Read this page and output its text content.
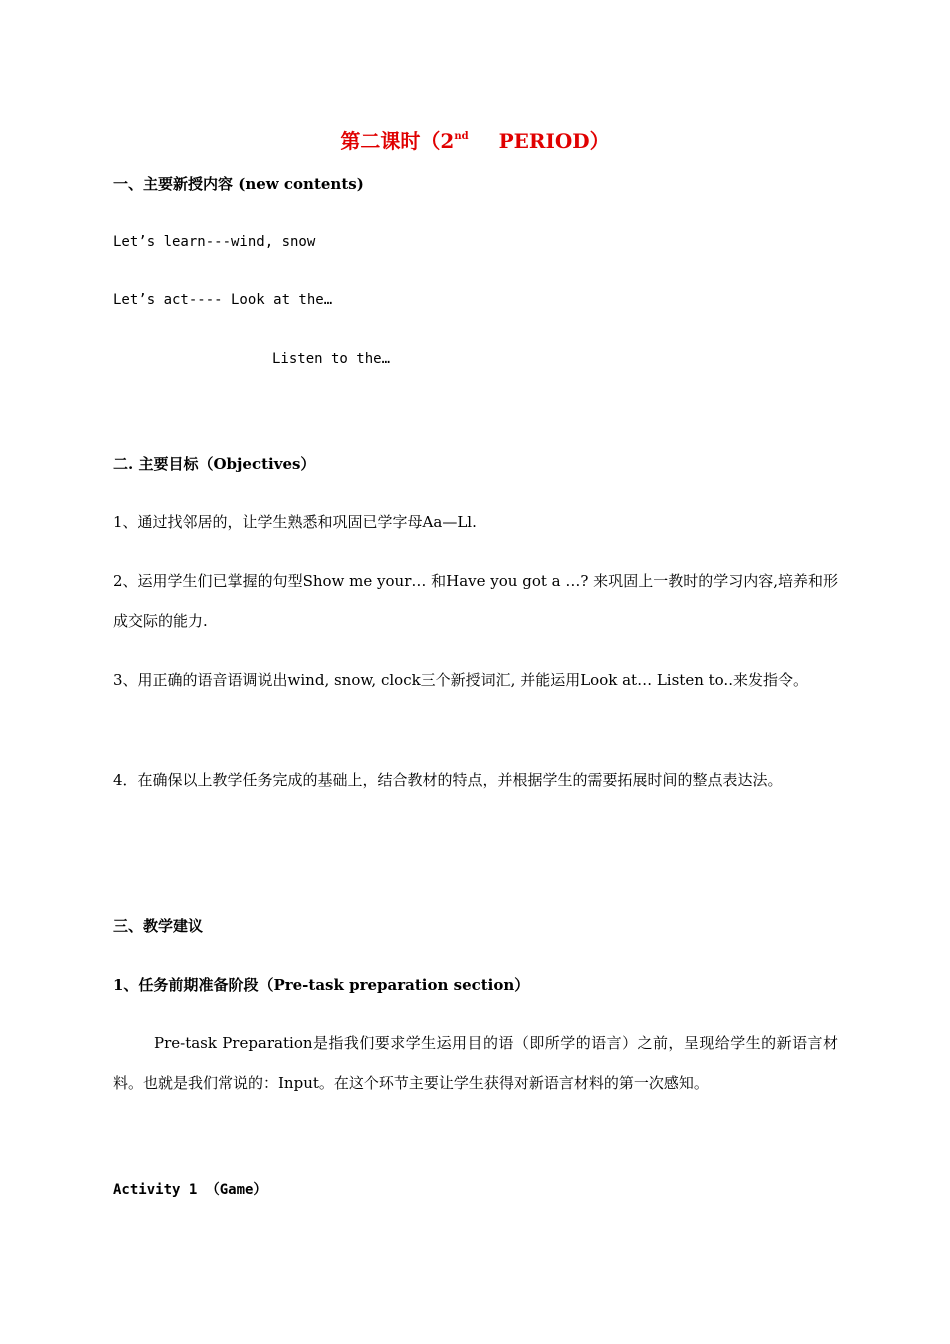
第二课时（2nd PERIOD）
一、主要新授内容 (new contents)
Let’s learn---wind, snow
Let’s act---- Look at the…
Listen to the…
二. 主要目标（Objectives）
1、通过找邻居的，让学生熟悉和巩固已学字母Aa—Ll.
2、运用学生们已掌握的句型Show me your… 和Have you got a …? 来巩固上一教时的学习内容,培养和形成交际的能力.
3、用正确的语音语调说出wind, snow, clock三个新授词汇, 并能运用Look at… Listen to..来发指令。
4．在确保以上教学任务完成的基础上，结合教材的特点，并根据学生的需要拓展时间的整点表达法。
三、教学建议
1、任务前期准备阶段（Pre-task preparation section）
Pre-task Preparation是指我们要求学生运用目的语（即所学的语言）之前，呈现给学生的新语言材料。也就是我们常说的：Input。在这个环节主要让学生获得对新语言材料的第一次感知。
Activity 1 （Game）
